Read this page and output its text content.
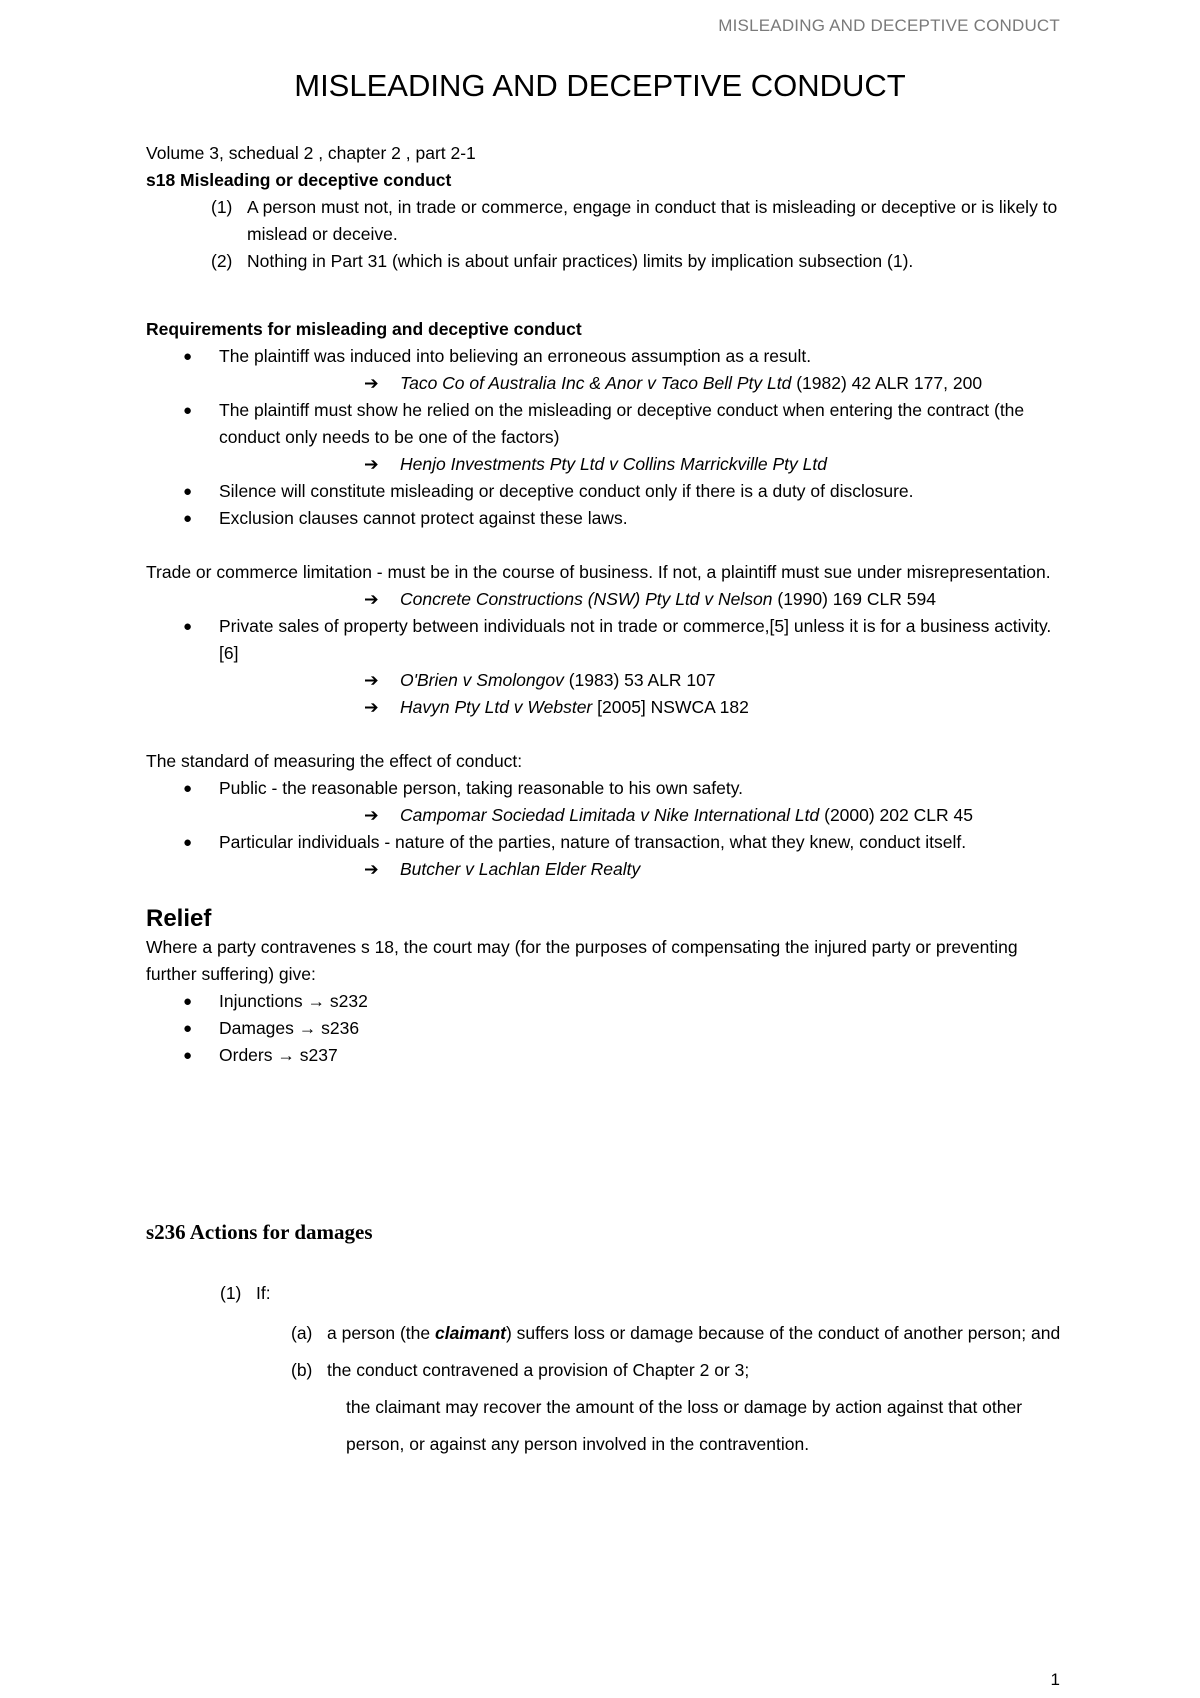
MISLEADING AND DECEPTIVE CONDUCT
MISLEADING AND DECEPTIVE CONDUCT

Volume 3, schedual 2 , chapter 2 , part 2-1

s18 Misleading or deceptive conduct

(1) A person must not, in trade or commerce, engage in conduct that is misleading or deceptive or is likely to mislead or deceive.
(2) Nothing in Part 31 (which is about unfair practices) limits by implication subsection (1).

Requirements for misleading and deceptive conduct

● The plaintiff was induced into believing an erroneous assumption as a result.

➔ Taco Co of Australia Inc & Anor v Taco Bell Pty Ltd (1982) 42 ALR 177, 200

● The plaintiff must show he relied on the misleading or deceptive conduct when entering the contract (the conduct only needs to be one of the factors)

➔ Henjo Investments Pty Ltd v Collins Marrickville Pty Ltd

● Silence will constitute misleading or deceptive conduct only if there is a duty of disclosure.
● Exclusion clauses cannot protect against these laws.

Trade or commerce limitation - must be in the course of business. If not, a plaintiff must sue under misrepresentation.

➔ Concrete Constructions (NSW) Pty Ltd v Nelson (1990) 169 CLR 594

● Private sales of property between individuals not in trade or commerce,[5] unless it is for a business activity.[6]

➔ O'Brien v Smolongov (1983) 53 ALR 107

➔ Havyn Pty Ltd v Webster [2005] NSWCA 182

The standard of measuring the effect of conduct:

● Public - the reasonable person, taking reasonable to his own safety.

➔ Campomar Sociedad Limitada v Nike International Ltd (2000) 202 CLR 45

● Particular individuals - nature of the parties, nature of transaction, what they knew, conduct itself.

➔ Butcher v Lachlan Elder Realty

Relief

Where a party contravenes s 18, the court may (for the purposes of compensating the injured party or preventing further suffering) give:

● Injunctions → s232
● Damages → s236
● Orders → s237
s236 Actions for damages
(1) If:
(a) a person (the claimant) suffers loss or damage because of the conduct of another person; and
(b) the conduct contravened a provision of Chapter 2 or 3;
the claimant may recover the amount of the loss or damage by action against that other person, or against any person involved in the contravention.
1
